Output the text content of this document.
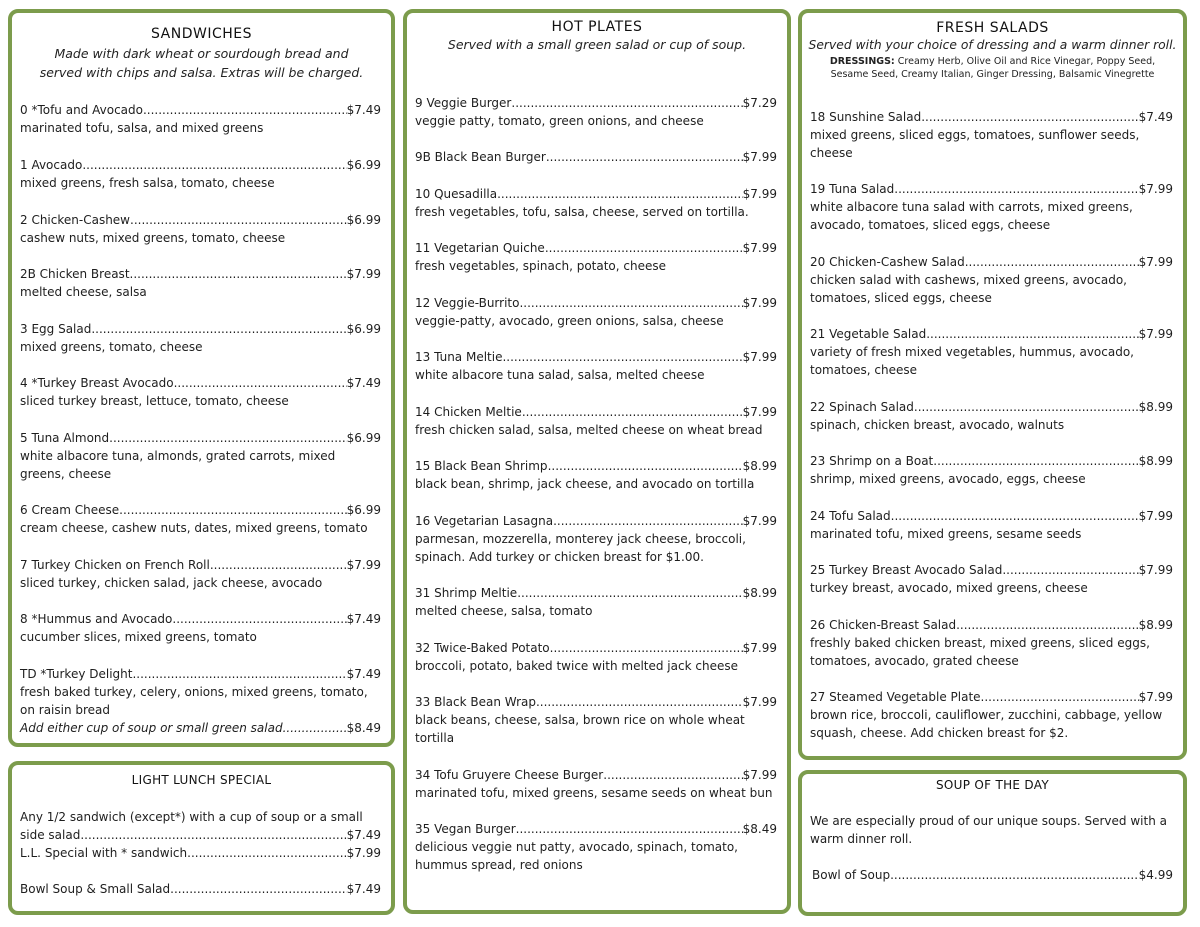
SANDWICHES
Made with dark wheat or sourdough bread and
served with chips and salsa. Extras will be charged.
0 *Tofu and Avocado .....	$7.49
marinated tofu, salsa, and mixed greens
1 Avocado .....	$6.99
mixed greens, fresh salsa, tomato, cheese
2 Chicken-Cashew .....	$6.99
cashew nuts, mixed greens, tomato, cheese
2B Chicken Breast .....	$7.99
melted cheese, salsa
3 Egg Salad .....	$6.99
mixed greens, tomato, cheese
4 *Turkey Breast Avocado .....	$7.49
sliced turkey breast, lettuce, tomato, cheese
5 Tuna Almond .....	$6.99
white albacore tuna, almonds, grated carrots, mixed
greens, cheese
6 Cream Cheese .....	$6.99
cream cheese, cashew nuts, dates, mixed greens, tomato
7 Turkey Chicken on French Roll .....	$7.99
sliced turkey, chicken salad, jack cheese, avocado
8 *Hummus and Avocado .....	$7.49
cucumber slices, mixed greens, tomato
TD *Turkey Delight .....	$7.49
fresh baked turkey, celery, onions, mixed greens, tomato,
on raisin bread
Add either cup of soup or small green salad .....	$8.49
LIGHT LUNCH SPECIAL
Any 1/2 sandwich (except*) with a cup of soup or a small
side salad .....	$7.49
L.L. Special with * sandwich .....	$7.99
Bowl Soup & Small Salad .....	$7.49
HOT PLATES
Served with a small green salad or cup of soup.
9 Veggie Burger .....	$7.29
veggie patty, tomato, green onions, and cheese
9B Black Bean Burger .....	$7.99
10 Quesadilla .....	$7.99
fresh vegetables, tofu, salsa, cheese, served on tortilla.
11 Vegetarian Quiche .....	$7.99
fresh vegetables, spinach, potato, cheese
12 Veggie-Burrito .....	$7.99
veggie-patty, avocado, green onions, salsa, cheese
13 Tuna Meltie .....	$7.99
white albacore tuna salad, salsa, melted cheese
14 Chicken Meltie .....	$7.99
fresh chicken salad, salsa, melted cheese on wheat bread
15 Black Bean Shrimp .....	$8.99
black bean, shrimp, jack cheese, and avocado on tortilla
16 Vegetarian Lasagna .....	$7.99
parmesan, mozzerella, monterey jack cheese, broccoli,
spinach. Add turkey or chicken breast for $1.00.
31 Shrimp Meltie .....	$8.99
melted cheese, salsa, tomato
32 Twice-Baked Potato .....	$7.99
broccoli, potato, baked twice with melted jack cheese
33 Black Bean Wrap .....	$7.99
black beans, cheese, salsa, brown rice on whole wheat
tortilla
34 Tofu Gruyere Cheese Burger .....	$7.99
marinated tofu, mixed greens, sesame seeds on wheat bun
35 Vegan Burger .....	$8.49
delicious veggie nut patty, avocado, spinach, tomato,
hummus spread, red onions
FRESH SALADS
Served with your choice of dressing and a warm dinner roll.
DRESSINGS: Creamy Herb, Olive Oil and Rice Vinegar, Poppy Seed,
Sesame Seed, Creamy Italian, Ginger Dressing, Balsamic Vinegrette
18 Sunshine Salad .....	$7.49
mixed greens, sliced eggs, tomatoes, sunflower seeds,
cheese
19 Tuna Salad .....	$7.99
white albacore tuna salad with carrots, mixed greens,
avocado, tomatoes, sliced eggs, cheese
20 Chicken-Cashew Salad .....	$7.99
chicken salad with cashews, mixed greens, avocado,
tomatoes, sliced eggs, cheese
21 Vegetable Salad .....	$7.99
variety of fresh mixed vegetables, hummus, avocado,
tomatoes, cheese
22 Spinach Salad .....	$8.99
spinach, chicken breast, avocado, walnuts
23 Shrimp on a Boat .....	$8.99
shrimp, mixed greens, avocado, eggs, cheese
24 Tofu Salad .....	$7.99
marinated tofu, mixed greens, sesame seeds
25 Turkey Breast Avocado Salad .....	$7.99
turkey breast, avocado, mixed greens, cheese
26 Chicken-Breast Salad .....	$8.99
freshly baked chicken breast, mixed greens, sliced eggs,
tomatoes, avocado, grated cheese
27 Steamed Vegetable Plate .....	$7.99
brown rice, broccoli, cauliflower, zucchini, cabbage, yellow
squash, cheese. Add chicken breast for $2.
SOUP OF THE DAY
We are especially proud of our unique soups. Served with a
warm dinner roll.
Bowl of Soup .....	$4.99
